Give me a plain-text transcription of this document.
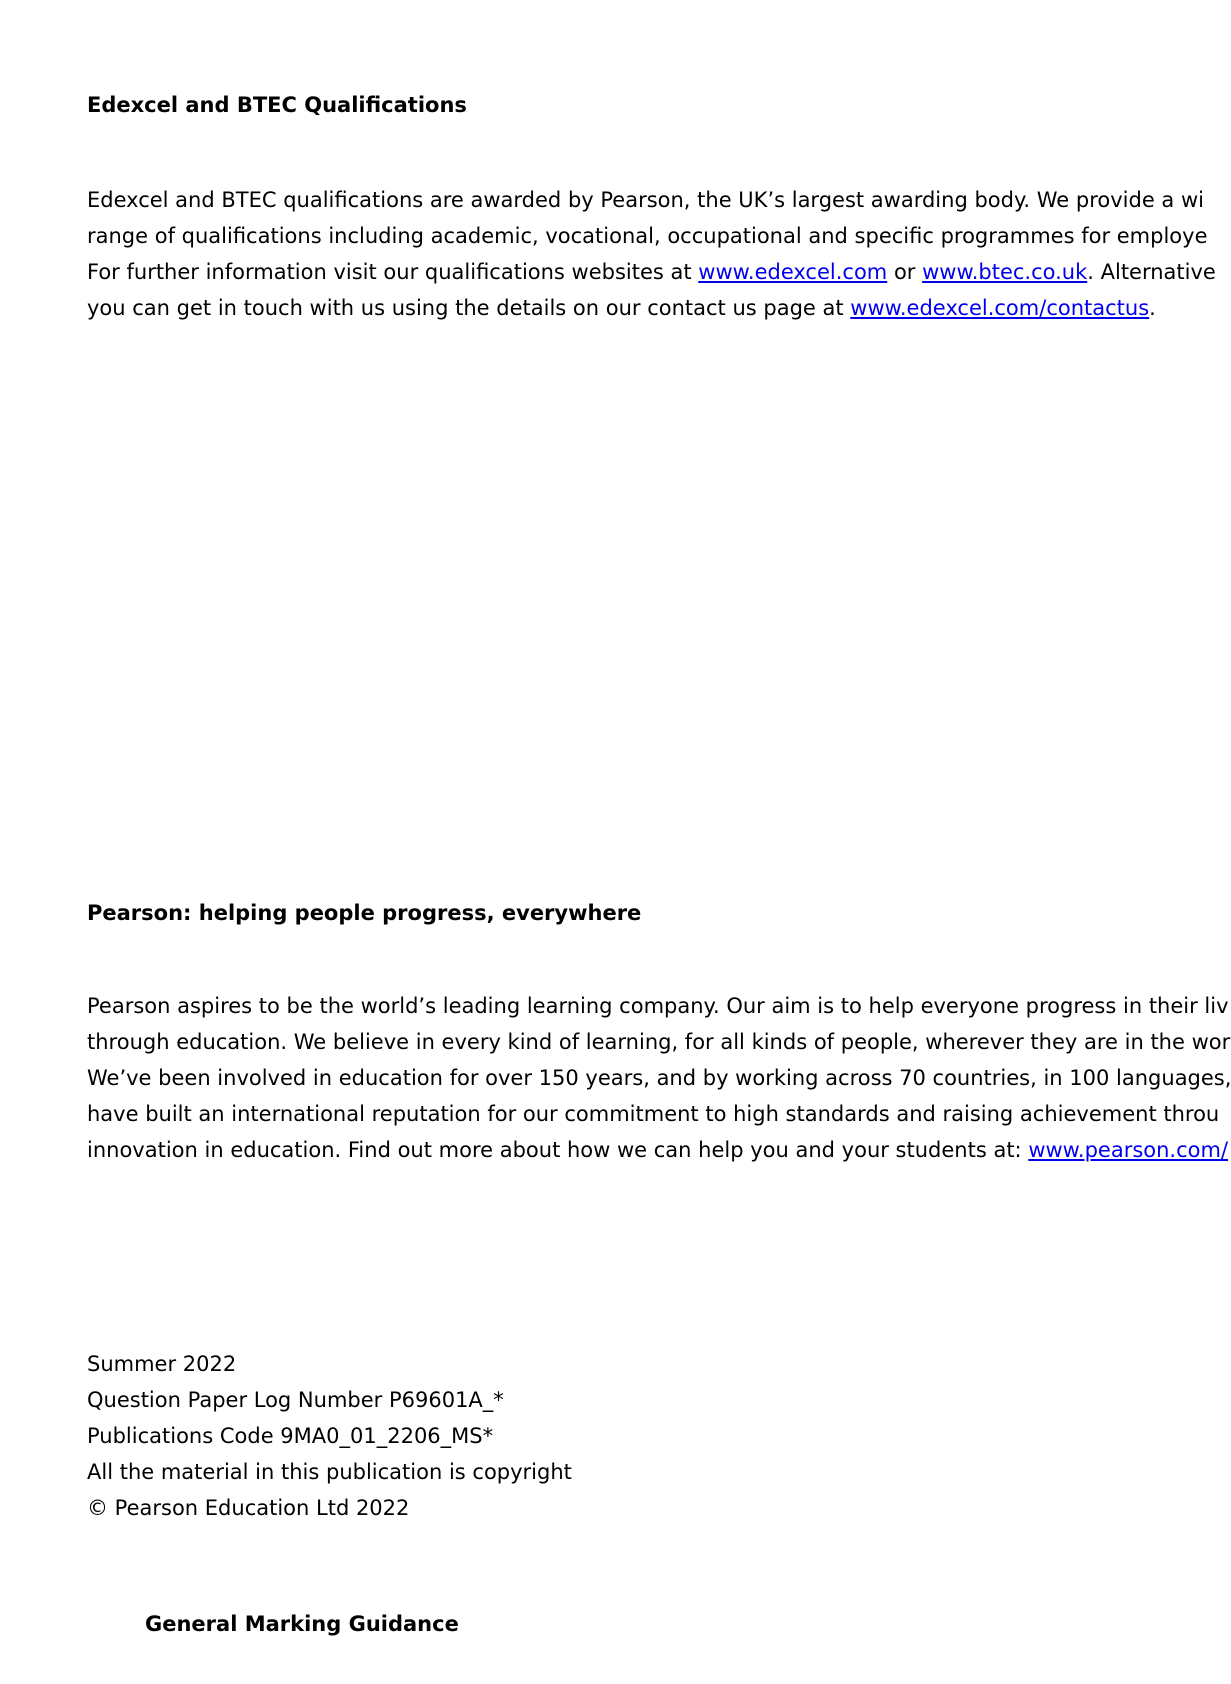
Edexcel and BTEC Qualifications
Edexcel and BTEC qualifications are awarded by Pearson, the UK’s largest awarding body. We provide a wi
range of qualifications including academic, vocational, occupational and specific programmes for employe
For further information visit our qualifications websites at www.edexcel.com or www.btec.co.uk. Alternative
you can get in touch with us using the details on our contact us page at www.edexcel.com/contactus.
Pearson: helping people progress, everywhere
Pearson aspires to be the world’s leading learning company. Our aim is to help everyone progress in their liv
through education. We believe in every kind of learning, for all kinds of people, wherever they are in the wor
We’ve been involved in education for over 150 years, and by working across 70 countries, in 100 languages,
have built an international reputation for our commitment to high standards and raising achievement throu
innovation in education. Find out more about how we can help you and your students at: www.pearson.com/
Summer 2022
Question Paper Log Number P69601A_*
Publications Code 9MA0_01_2206_MS*
All the material in this publication is copyright
© Pearson Education Ltd 2022
General Marking Guidance
